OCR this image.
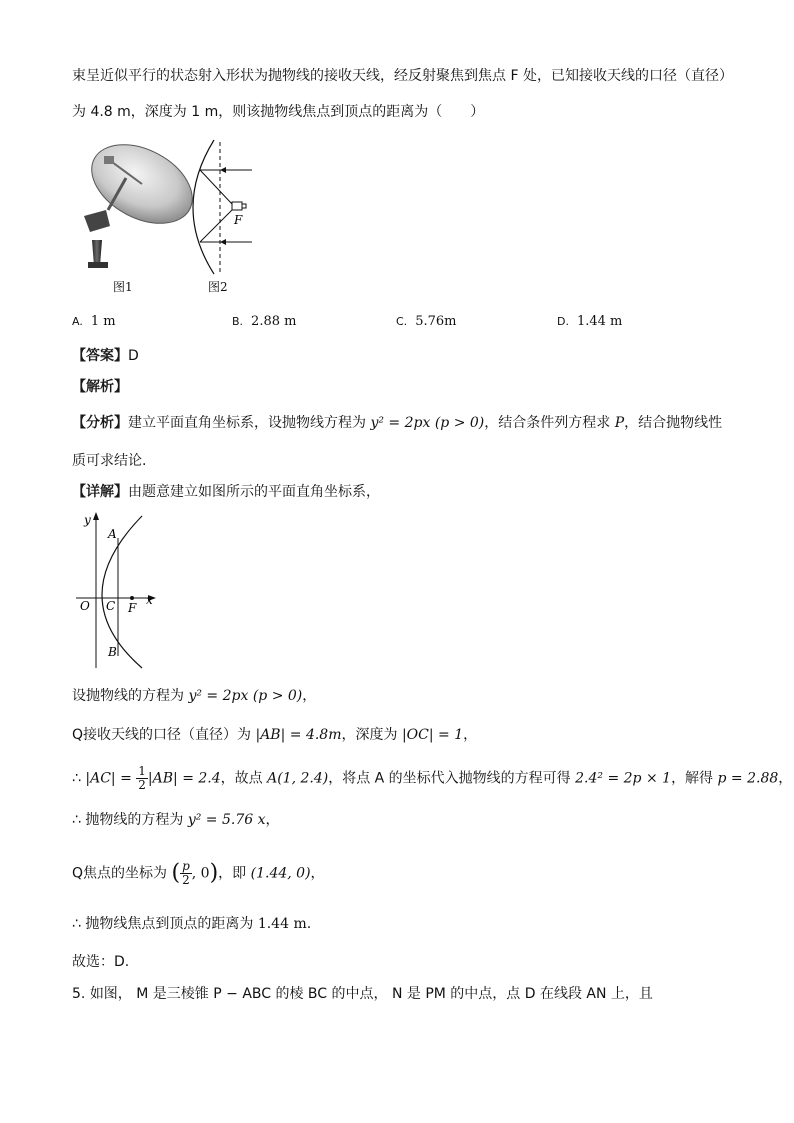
束呈近似平行的状态射入形状为抛物线的接收天线，经反射聚焦到焦点 F 处，已知接收天线的口径（直径）
为 4.8 m，深度为 1 m，则该抛物线焦点到顶点的距离为（　　）
图1
F
图2
A. 1 m	B. 2.88 m	C. 5.76m	D. 1.44 m
【答案】D
【解析】
【分析】建立平面直角坐标系，设抛物线方程为 y² = 2px (p > 0)，结合条件列方程求 P，结合抛物线性
质可求结论.
【详解】由题意建立如图所示的平面直角坐标系，
y
x
A
B
O C F
设抛物线的方程为 y² = 2px (p > 0)，
Q接收天线的口径（直径）为 |AB| = 4.8m，深度为 |OC| = 1，
∴ $|AC| = \frac{1}{2} |AB| = 2.4$，故点 A(1, 2.4)，将点 A 的坐标代入抛物线的方程可得 2.4² = 2p × 1，解得 p = 2.88，
∴ 抛物线的方程为 y² = 5.76 x，
Q焦点的坐标为 ( $\frac{p}{2}$ , 0)，即 (1.44, 0)，
∴ 抛物线焦点到顶点的距离为 1.44 m.
故选：D.
5. 如图， M 是三棱锥 P − ABC 的棱 BC 的中点， N 是 PM 的中点，点 D 在线段 AN 上，且
